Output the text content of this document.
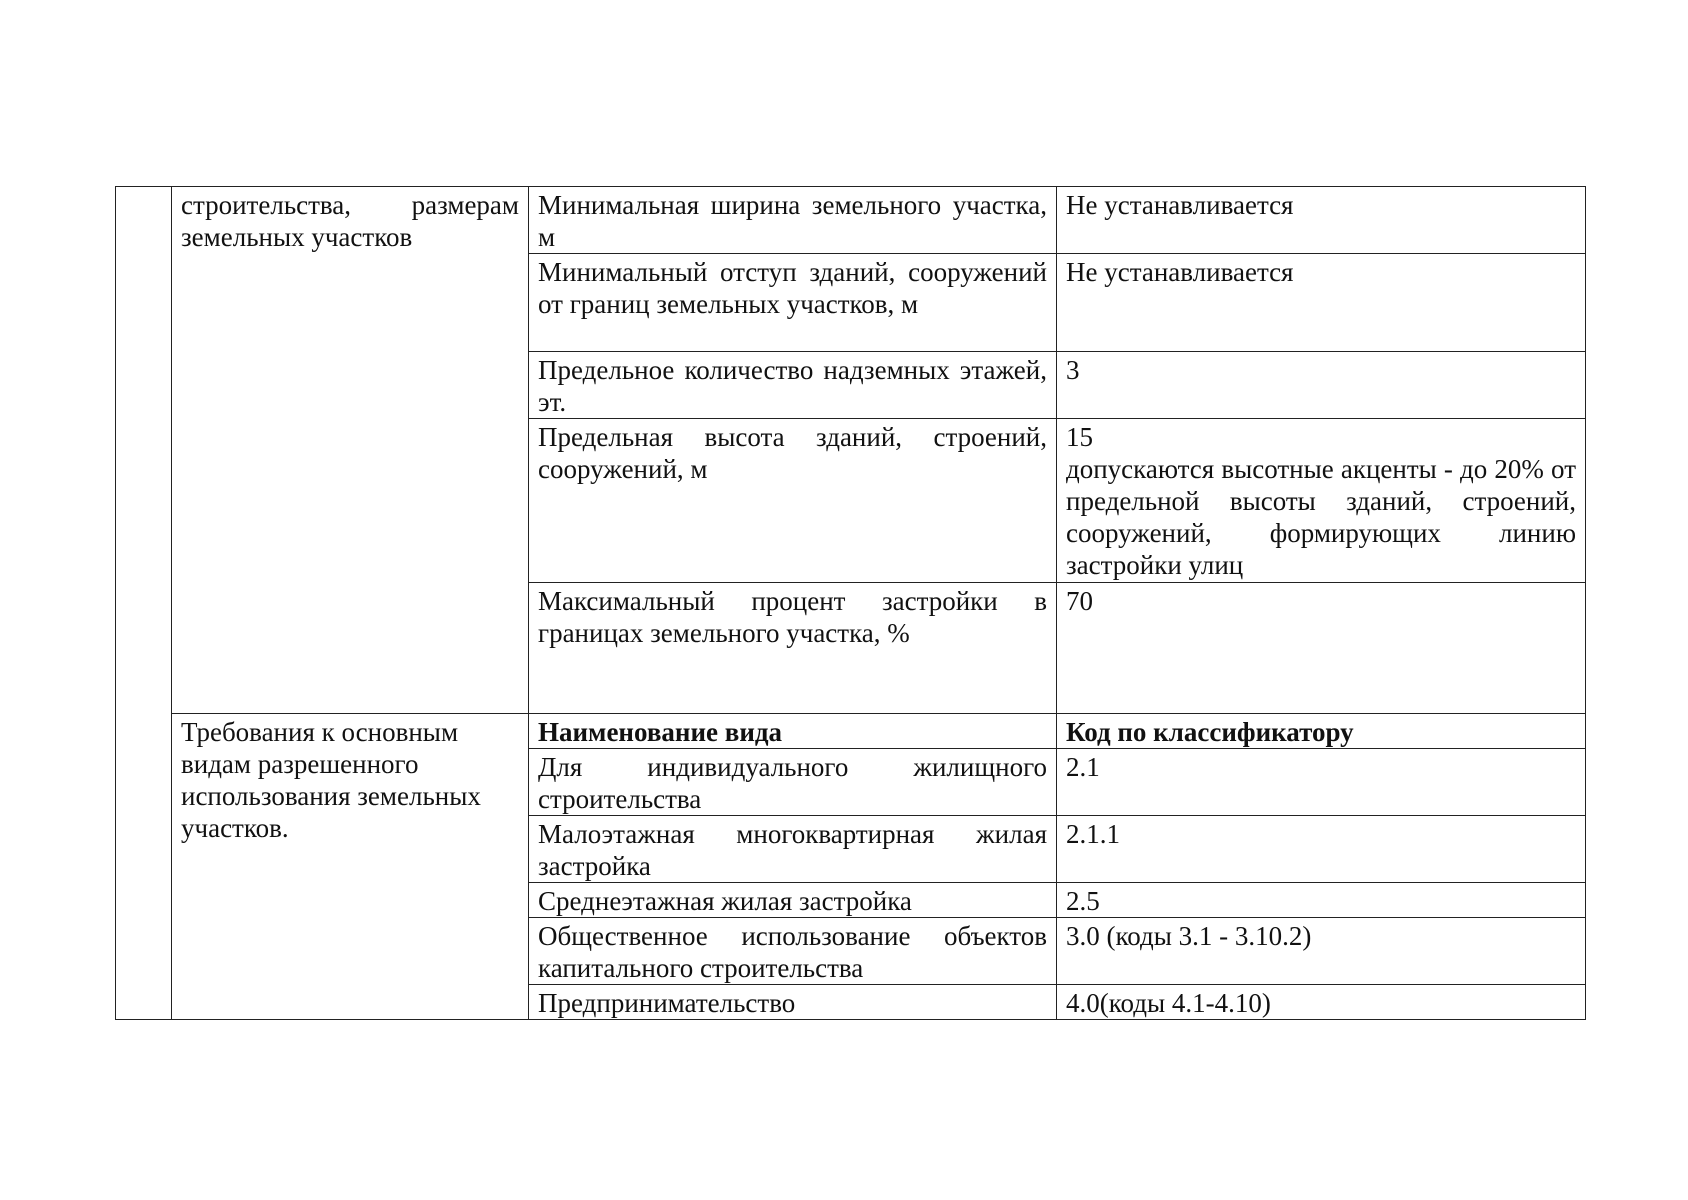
	строительства, размерам земельных участков	Минимальная ширина земельного участка, м	Не устанавливается
		Минимальный отступ зданий, сооружений от границ земельных участков, м	Не устанавливается
		Предельное количество надземных этажей, эт.	3
		Предельная высота зданий, строений, сооружений, м	15
допускаются высотные акценты - до 20% от предельной высоты зданий, строений, сооружений, формирующих линию застройки улиц

		Максимальный процент застройки в границах земельного участка, %	70
	Требования к основным видам разрешенного использования земельных участков.	Наименование вида	Код по классификатору
		Для индивидуального жилищного строительства	2.1
		Малоэтажная многоквартирная жилая застройка	2.1.1
		Среднеэтажная жилая застройка	2.5
		Общественное использование объектов капитального строительства	3.0 (коды 3.1 - 3.10.2)
		Предпринимательство	4.0(коды 4.1-4.10)
